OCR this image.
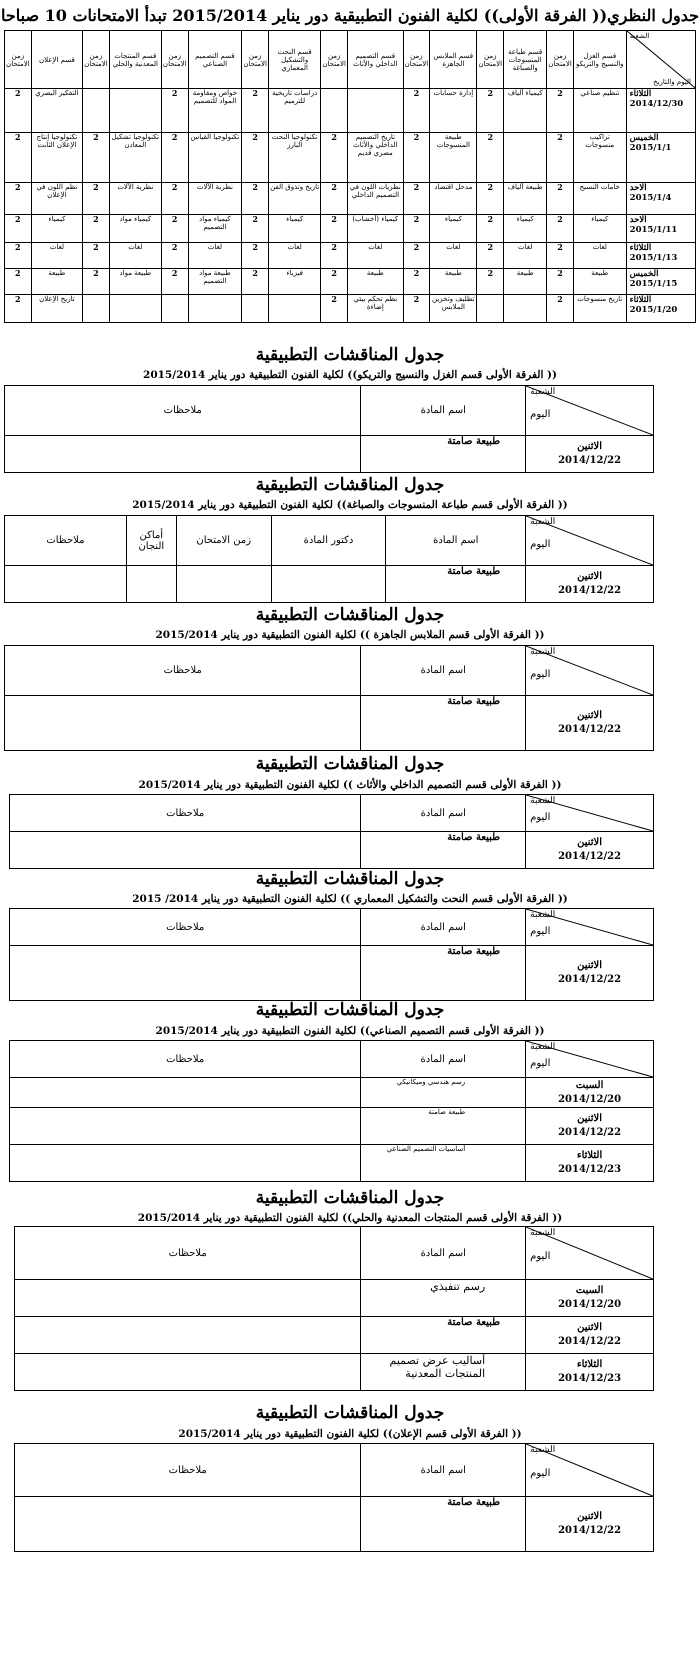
جدول النظري(( الفرقة الأولى)) لكلية الفنون التطبيقية دور يناير 2015/2014 تبدأ الامتحانات 10 صباحا
الشعبة
اليوم والتاريخ	قسم الغزل والنسيج والتريكو	زمن الامتحان	قسم طباعة المنسوجات والصباغة	زمن الامتحان	قسم الملابس الجاهزة	زمن الامتحان	قسم التصميم الداخلي والأثاث	زمن الامتحان	قسم النحت والتشكيل المعماري	زمن الامتحان	قسم التصميم الصناعي	زمن الامتحان	قسم المنتجات المعدنية والحلي	زمن الامتحان	قسم الإعلان	زمن الامتحان

الثلاثاء
2014/12/30	تنظيم صناعي	2	كيمياء ألياف	2	إدارة حسابات	2			دراسات تاريخية للترميم	2	خواص ومقاومة المواد للتصميم	2			التفكير البصري	2

الخميس
2015/1/1	تراكيب منسوجات	2		2	طبيعة المنسوجات	2	تاريخ التصميم الداخلي والأثاث مصري قديم	2	تكنولوجيا النحت البارز	2	تكنولوجيا القياس	2	تكنولوجيا تشكيل المعادن	2	تكنولوجيا إنتاج الإعلان الثابت	2

الاحد
2015/1/4	خامات النسيج	2	طبيعة ألياف	2	مدخل اقتصاد	2	نظريات اللون في التصميم الداخلي	2	تاريخ وتذوق الفن	2	نظرية الآلات	2	نظرية الآلات	2	نظم اللون في الإعلان	2

الاحد
2015/1/11	كيمياء	2	كيمياء	2	كيمياء	2	كيمياء (أخشاب)	2	كيمياء	2	كيمياء مواد التصميم	2	كيمياء مواد	2	كيمياء	2

الثلاثاء
2015/1/13	لغات	2	لغات	2	لغات	2	لغات	2	لغات	2	لغات	2	لغات	2	لغات	2

الخميس
2015/1/15	طبيعة	2	طبيعة	2	طبيعة	2	طبيعة	2	فيزياء	2	طبيعة مواد التصميم	2	طبيعة مواد	2	طبيعة	2

الثلاثاء
2015/1/20	تاريخ منسوجات	2			تظليف وتخزين الملابس	2	نظم تحكم بيئي إضاءة	2							تاريخ الإعلان	2
جدول المناقشات التطبيقية
(( الفرقة الأولى قسم الغزل والنسيج والتريكو)) لكلية الفنون التطبيقية دور يناير 2015/2014
الشعبة
اليوم	اسم المادة	ملاحظات

الاثنين
2014/12/22	طبيعة صامتة	
جدول المناقشات التطبيقية
(( الفرقة الأولى قسم طباعة المنسوجات والصباغة)) لكلية الفنون التطبيقية دور يناير 2015/2014
الشعبة
اليوم	اسم المادة	دكتور المادة	زمن الامتحان	أماكن النجان	ملاحظات

الاثنين
2014/12/22	طبيعة صامتة				
جدول المناقشات التطبيقية
(( الفرقة الأولى قسم الملابس الجاهزة )) لكلية الفنون التطبيقية دور يناير 2015/2014
الشعبة
اليوم	اسم المادة	ملاحظات

الاثنين
2014/12/22	طبيعة صامتة	
جدول المناقشات التطبيقية
(( الفرقة الأولى قسم التصميم الداخلي والأثاث )) لكلية الفنون التطبيقية دور يناير 2015/2014
الشعبة
اليوم	اسم المادة	ملاحظات

الاثنين
2014/12/22	طبيعة صامتة	
جدول المناقشات التطبيقية
(( الفرقة الأولى قسم النحت والتشكيل المعماري )) لكلية الفنون التطبيقية دور يناير 2014/ 2015
الشعبة
اليوم	اسم المادة	ملاحظات

الاثنين
2014/12/22	طبيعة صامتة	
جدول المناقشات التطبيقية
(( الفرقة الأولى قسم التصميم الصناعي)) لكلية الفنون التطبيقية دور يناير 2015/2014
الشعبة
اليوم	اسم المادة	ملاحظات

السبت
2014/12/20	رسم هندسي وميكانيكي	

الاثنين
2014/12/22	طبيعة صامتة	

الثلاثاء
2014/12/23	أساسيات التصميم الصناعي	
جدول المناقشات التطبيقية
(( الفرقة الأولى قسم المنتجات المعدنية والحلي)) لكلية الفنون التطبيقية دور يناير 2015/2014
الشعبة
اليوم	اسم المادة	ملاحظات

السبت
2014/12/20	رسم تنفيذي	

الاثنين
2014/12/22	طبيعة صامتة	

الثلاثاء
2014/12/23	أساليب عرض تصميم المنتجات المعدنية	
جدول المناقشات التطبيقية
(( الفرقة الأولى قسم الإعلان)) لكلية الفنون التطبيقية دور يناير 2015/2014
الشعبة
اليوم	اسم المادة	ملاحظات

الاثنين
2014/12/22	طبيعة صامتة	
